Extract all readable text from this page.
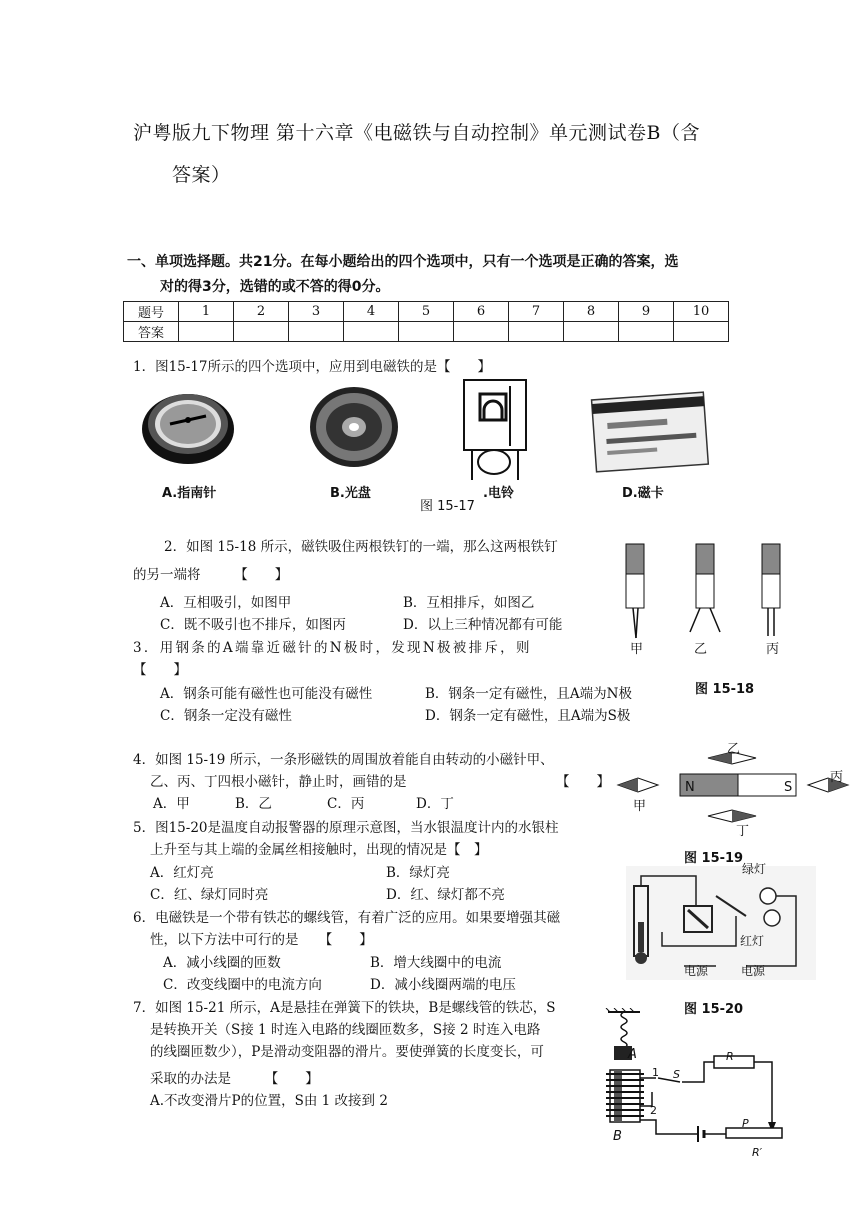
沪粤版九下物理 第十六章《电磁铁与自动控制》单元测试卷B（含
答案）
一、单项选择题。共21分。在每小题给出的四个选项中，只有一个选项是正确的答案，选
对的得3分，选错的或不答的得0分。
题号	1	2	3	4	5	6	7	8	9	10
答案										
1．图15-17所示的四个选项中，应用到电磁铁的是【　　】
A.指南针	B.光盘	.电铃	D.磁卡
图 15-17
2．如图 15-18 所示，磁铁吸住两根铁钉的一端，那么这两根铁钉
的另一端将　　　【　　】
A．互相吸引，如图甲	B．互相排斥，如图乙
C．既不吸引也不排斥，如图丙	D．以上三种情况都有可能
甲	乙	丙
图 15-18
3．用钢条的A端靠近磁针的N极时，发现N极被排斥，则
【　　】
A．钢条可能有磁性也可能没有磁性	B．钢条一定有磁性，且A端为N极
C．钢条一定没有磁性	D．钢条一定有磁性，且A端为S极
4．如图 15-19 所示，一条形磁铁的周围放着能自由转动的小磁针甲、
乙、丙、丁四根小磁针，静止时，画错的是	【　　】
A．甲	B．乙	C．丙	D．丁
乙
丙
甲
丁
N	S
图 15-19
5．图15-20是温度自动报警器的原理示意图，当水银温度计内的水银柱
上升至与其上端的金属丝相接触时，出现的情况是【　】
A．红灯亮	B．绿灯亮
C．红、绿灯同时亮	D．红、绿灯都不亮
绿灯
红灯
电源	电源
图 15-20
6．电磁铁是一个带有铁芯的螺线管，有着广泛的应用。如果要增强其磁
性，以下方法中可行的是　　【　　】
A．减小线圈的匝数	B．增大线圈中的电流
C．改变线圈中的电流方向	D．减小线圈两端的电压
7．如图 15-21 所示，A是悬挂在弹簧下的铁块，B是螺线管的铁芯，S
是转换开关（S接 1 时连入电路的线圈匝数多，S接 2 时连入电路
的线圈匝数少），P是滑动变阻器的滑片。要使弹簧的长度变长，可
采取的办法是　　　【　　】
A.不改变滑片P的位置，S由 1 改接到 2
A
B
1
2
S
R
P
R′
